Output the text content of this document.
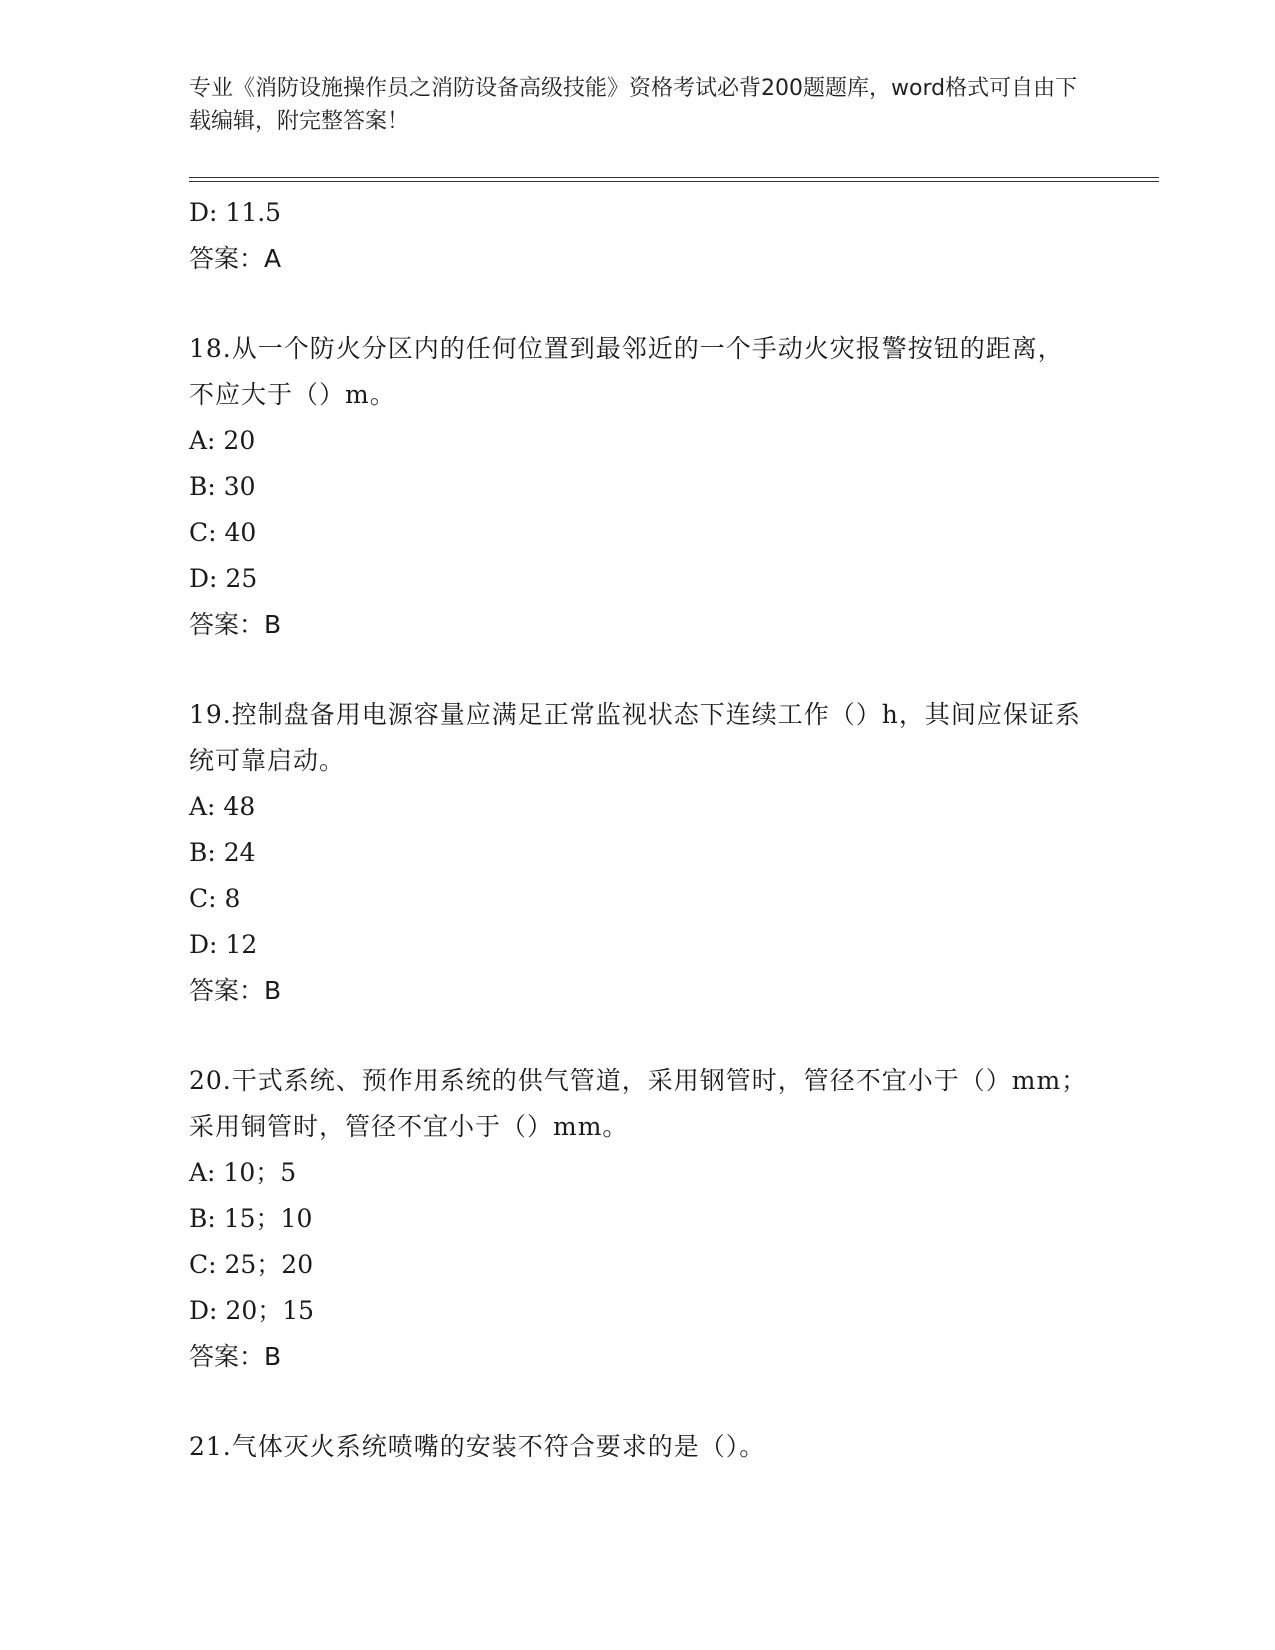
专业《消防设施操作员之消防设备高级技能》资格考试必背200题题库，word格式可自由下载编辑，附完整答案！
D: 11.5
答案：A
18.从一个防火分区内的任何位置到最邻近的一个手动火灾报警按钮的距离，不应大于（）m。
A: 20
B: 30
C: 40
D: 25
答案：B
19.控制盘备用电源容量应满足正常监视状态下连续工作（）h，其间应保证系统可靠启动。
A: 48
B: 24
C: 8
D: 12
答案：B
20.干式系统、预作用系统的供气管道，采用钢管时，管径不宜小于（）mm；采用铜管时，管径不宜小于（）mm。
A: 10；5
B: 15；10
C: 25；20
D: 20；15
答案：B
21.气体灭火系统喷嘴的安装不符合要求的是（）。
